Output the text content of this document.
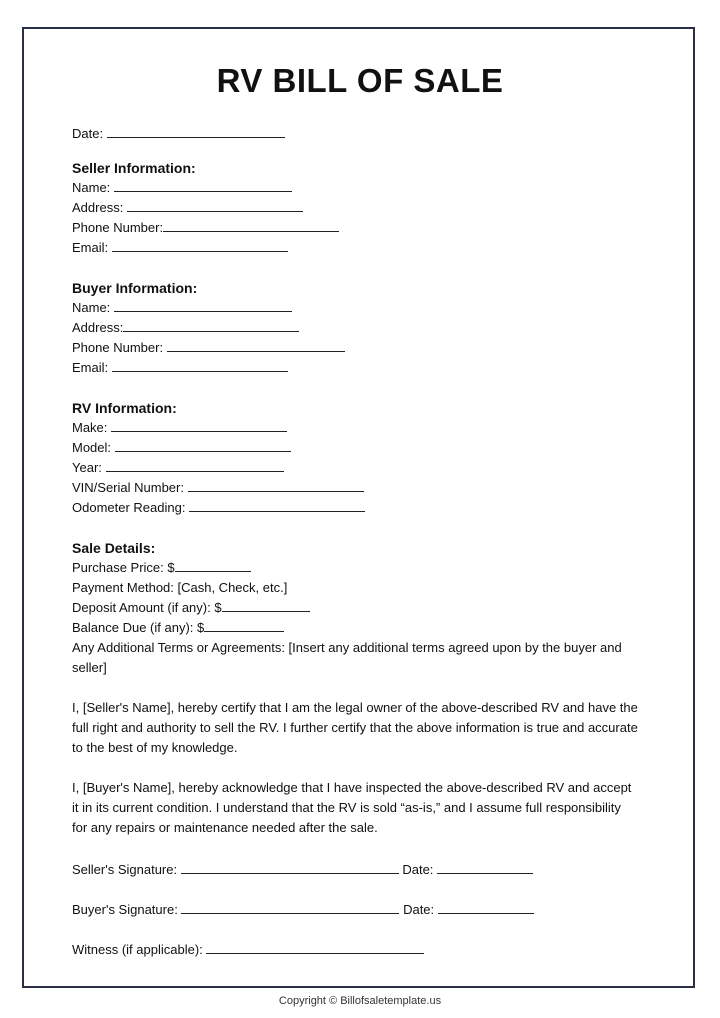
RV BILL OF SALE
Date:
Seller Information:
Name:
Address:
Phone Number:
Email:
Buyer Information:
Name:
Address:
Phone Number:
Email:
RV Information:
Make:
Model:
Year:
VIN/Serial Number:
Odometer Reading:
Sale Details:
Purchase Price: $
Payment Method: [Cash, Check, etc.]
Deposit Amount (if any): $
Balance Due (if any): $
Any Additional Terms or Agreements: [Insert any additional terms agreed upon by the buyer and seller]
I, [Seller's Name], hereby certify that I am the legal owner of the above-described RV and have the full right and authority to sell the RV. I further certify that the above information is true and accurate to the best of my knowledge.
I, [Buyer's Name], hereby acknowledge that I have inspected the above-described RV and accept it in its current condition. I understand that the RV is sold “as-is,” and I assume full responsibility for any repairs or maintenance needed after the sale.
Seller's Signature:	Date:
Buyer's Signature:	Date:
Witness (if applicable):
Copyright © Billofsaletemplate.us
